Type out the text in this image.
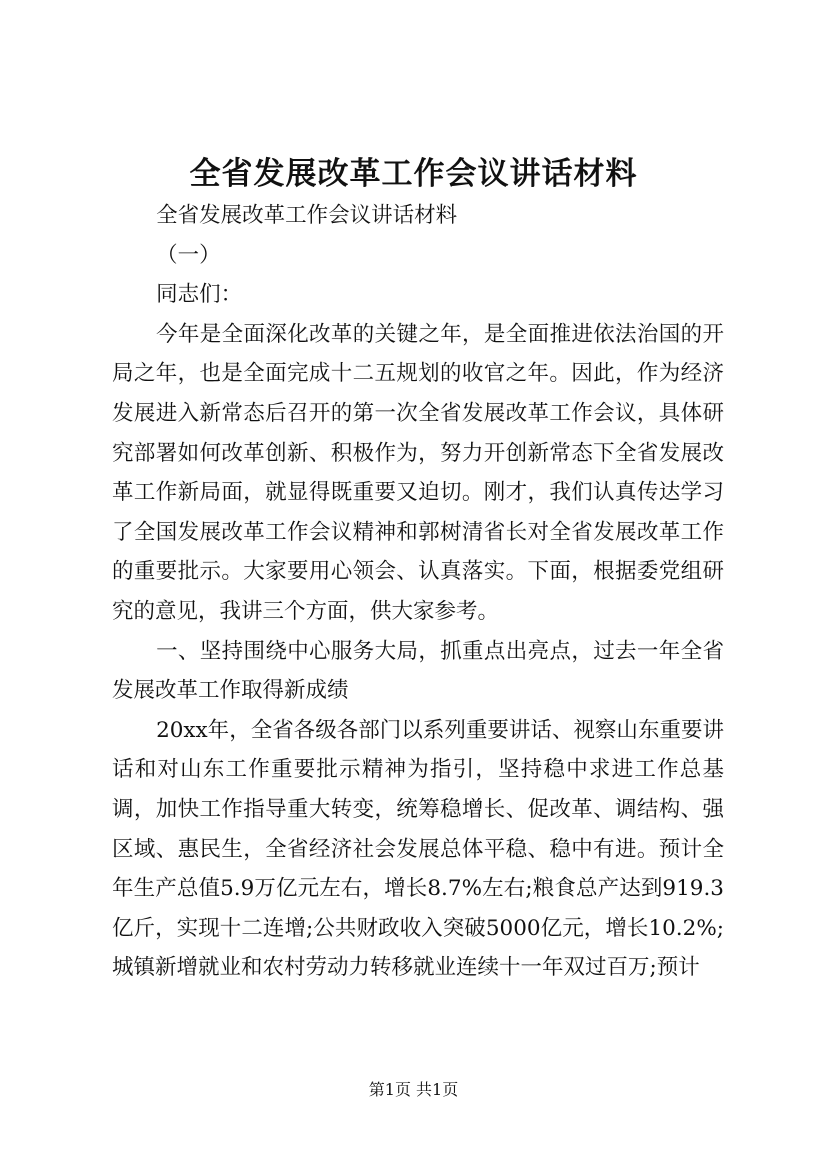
全省发展改革工作会议讲话材料

全省发展改革工作会议讲话材料

（一）

同志们：

今年是全面深化改革的关键之年，是全面推进依法治国的开局之年，也是全面完成十二五规划的收官之年。因此，作为经济发展进入新常态后召开的第一次全省发展改革工作会议，具体研究部署如何改革创新、积极作为，努力开创新常态下全省发展改革工作新局面，就显得既重要又迫切。刚才，我们认真传达学习了全国发展改革工作会议精神和郭树清省长对全省发展改革工作的重要批示。大家要用心领会、认真落实。下面，根据委党组研究的意见，我讲三个方面，供大家参考。

一、坚持围绕中心服务大局，抓重点出亮点，过去一年全省发展改革工作取得新成绩

20xx年，全省各级各部门以系列重要讲话、视察山东重要讲话和对山东工作重要批示精神为指引，坚持稳中求进工作总基调，加快工作指导重大转变，统筹稳增长、促改革、调结构、强区域、惠民生，全省经济社会发展总体平稳、稳中有进。预计全年生产总值5.9万亿元左右，增长8.7%左右;粮食总产达到919.3亿斤，实现十二连增;公共财政收入突破5000亿元，增长10.2%;城镇新增就业和农村劳动力转移就业连续十一年双过百万;预计

第1页 共1页
